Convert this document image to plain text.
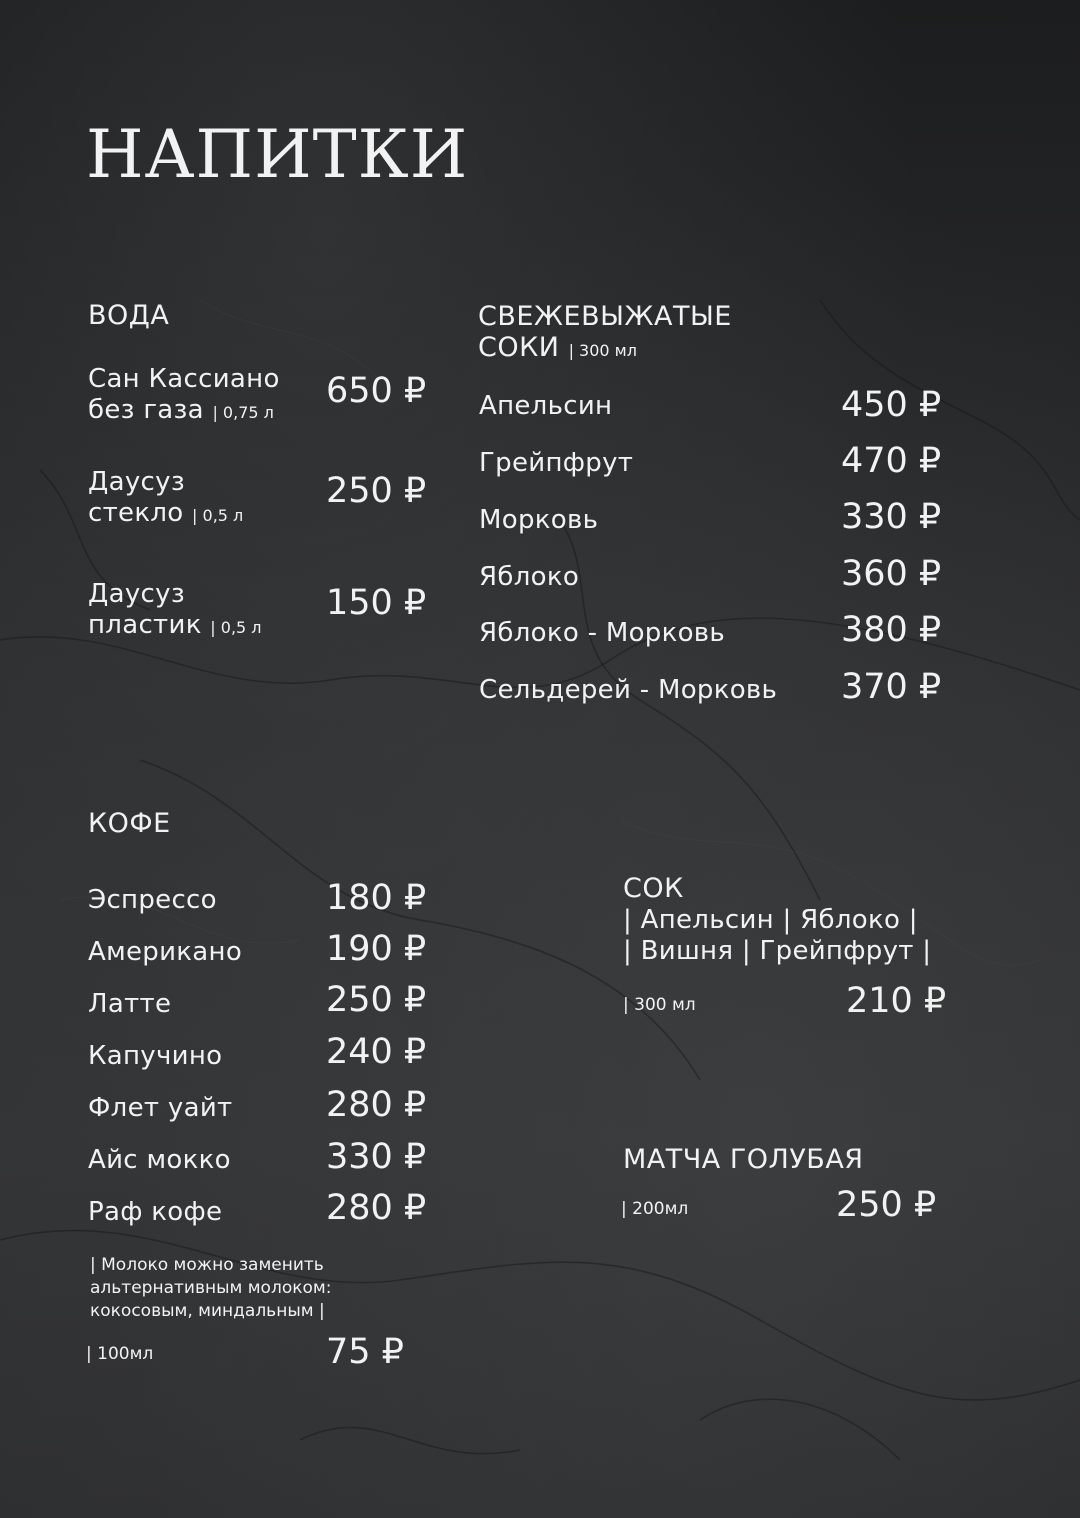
НАПИТКИ
ВОДА
Сан Кассиано
без газа | 0,75 л
650 ₽
Даусуз
стекло | 0,5 л
250 ₽
Даусуз
пластик | 0,5 л
150 ₽
СВЕЖЕВЫЖАТЫЕ
СОКИ | 300 мл
Апельсин	450 ₽
Грейпфрут	470 ₽
Морковь	330 ₽
Яблоко	360 ₽
Яблоко - Морковь	380 ₽
Сельдерей - Морковь 370 ₽
КОФЕ
Эспрессо	180 ₽
Американо 190 ₽
Латте	250 ₽
Капучино	240 ₽
Флет уайт	280 ₽
Айс мокко	330 ₽
Раф кофе	280 ₽
| Молоко можно заменить
альтернативным молоком:
кокосовым, миндальным |
| 100мл	75 ₽
СОК
| Апельсин | Яблоко |
| Вишня | Грейпфрут |
| 300 мл	210 ₽
МАТЧА ГОЛУБАЯ
| 200мл	250 ₽
